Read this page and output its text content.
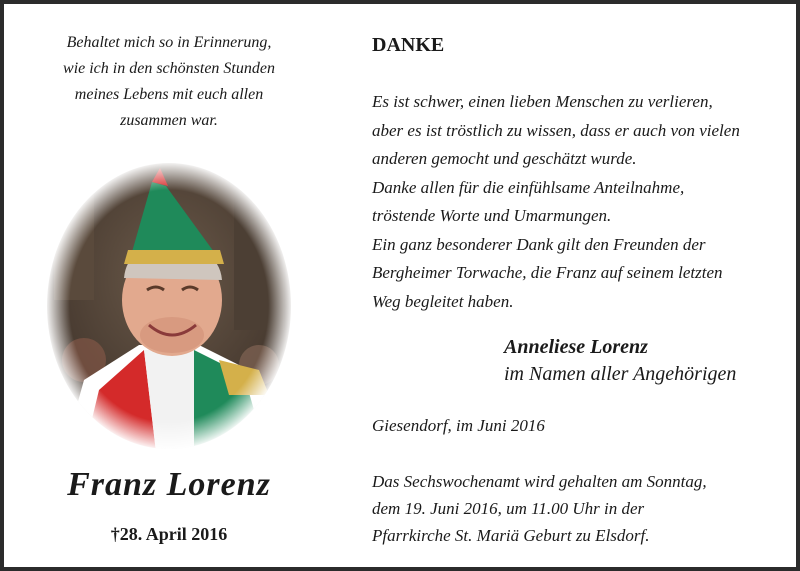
Behaltet mich so in Erinnerung,
wie ich in den schönsten Stunden
meines Lebens mit euch allen
zusammen war.
Franz Lorenz
†28. April 2016
DANKE
Es ist schwer, einen lieben Menschen zu verlieren,
aber es ist tröstlich zu wissen, dass er auch von vielen
anderen gemocht und geschätzt wurde.
Danke allen für die einfühlsame Anteilnahme,
tröstende Worte und Umarmungen.
Ein ganz besonderer Dank gilt den Freunden der
Bergheimer Torwache, die Franz auf seinem letzten
Weg begleitet haben.
Anneliese Lorenz
im Namen aller Angehörigen
Giesendorf, im Juni 2016
Das Sechswochenamt wird gehalten am Sonntag,
dem 19. Juni 2016, um 11.00 Uhr in der
Pfarrkirche St. Mariä Geburt zu Elsdorf.
